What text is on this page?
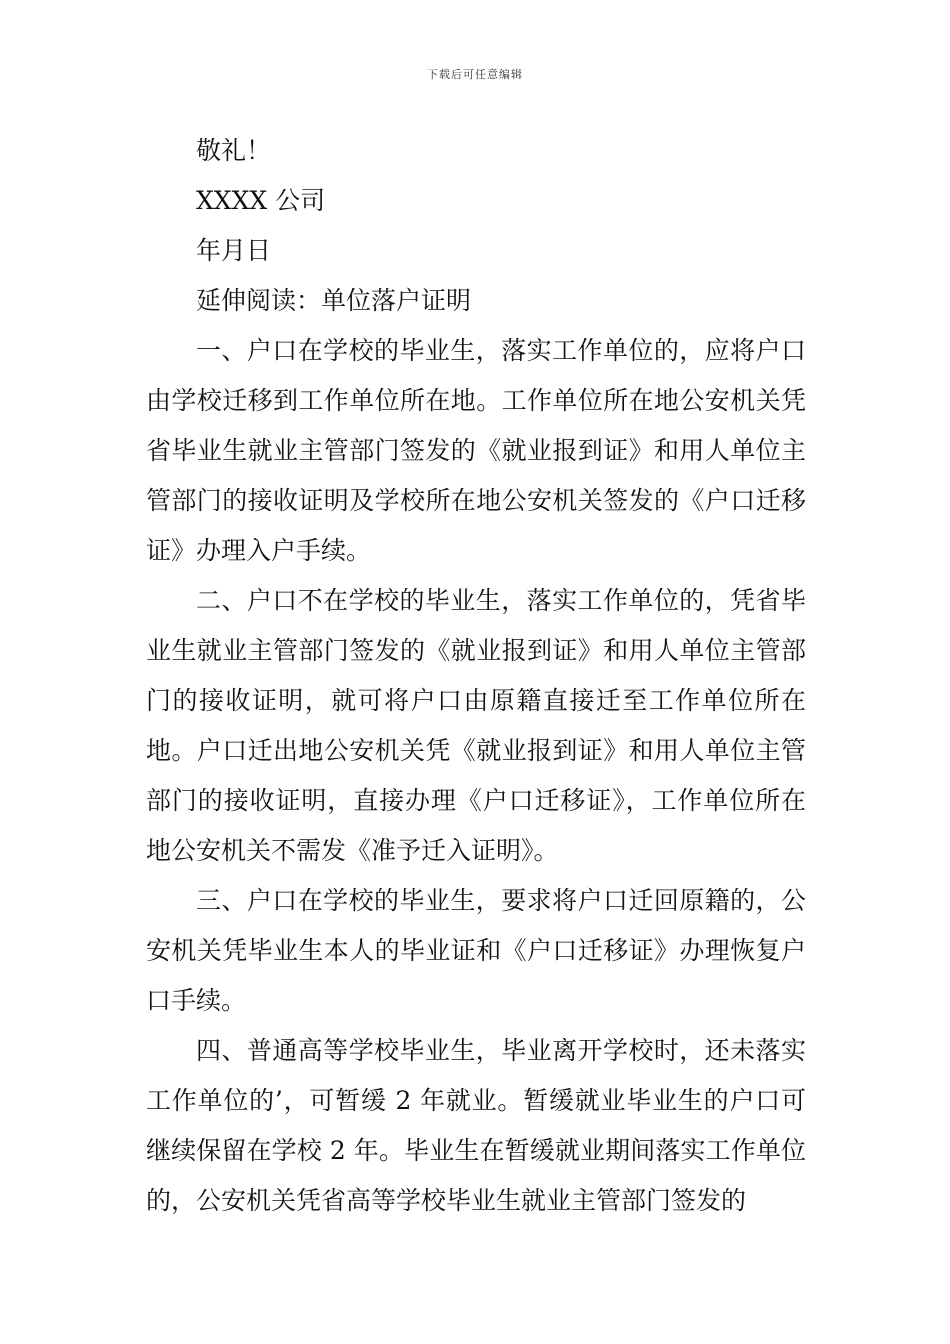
下载后可任意编辑
敬礼！
XXXX 公司
年月日
延伸阅读：单位落户证明

一、户口在学校的毕业生，落实工作单位的，应将户口由学校迁移到工作单位所在地。工作单位所在地公安机关凭省毕业生就业主管部门签发的《就业报到证》和用人单位主管部门的接收证明及学校所在地公安机关签发的《户口迁移证》办理入户手续。

二、户口不在学校的毕业生，落实工作单位的，凭省毕业生就业主管部门签发的《就业报到证》和用人单位主管部门的接收证明，就可将户口由原籍直接迁至工作单位所在地。户口迁出地公安机关凭《就业报到证》和用人单位主管部门的接收证明，直接办理《户口迁移证》，工作单位所在地公安机关不需发《准予迁入证明》。

三、户口在学校的毕业生，要求将户口迁回原籍的，公安机关凭毕业生本人的毕业证和《户口迁移证》办理恢复户口手续。

四、普通高等学校毕业生，毕业离开学校时，还未落实工作单位的’，可暂缓 2 年就业。暂缓就业毕业生的户口可继续保留在学校 2 年。毕业生在暂缓就业期间落实工作单位的，公安机关凭省高等学校毕业生就业主管部门签发的
